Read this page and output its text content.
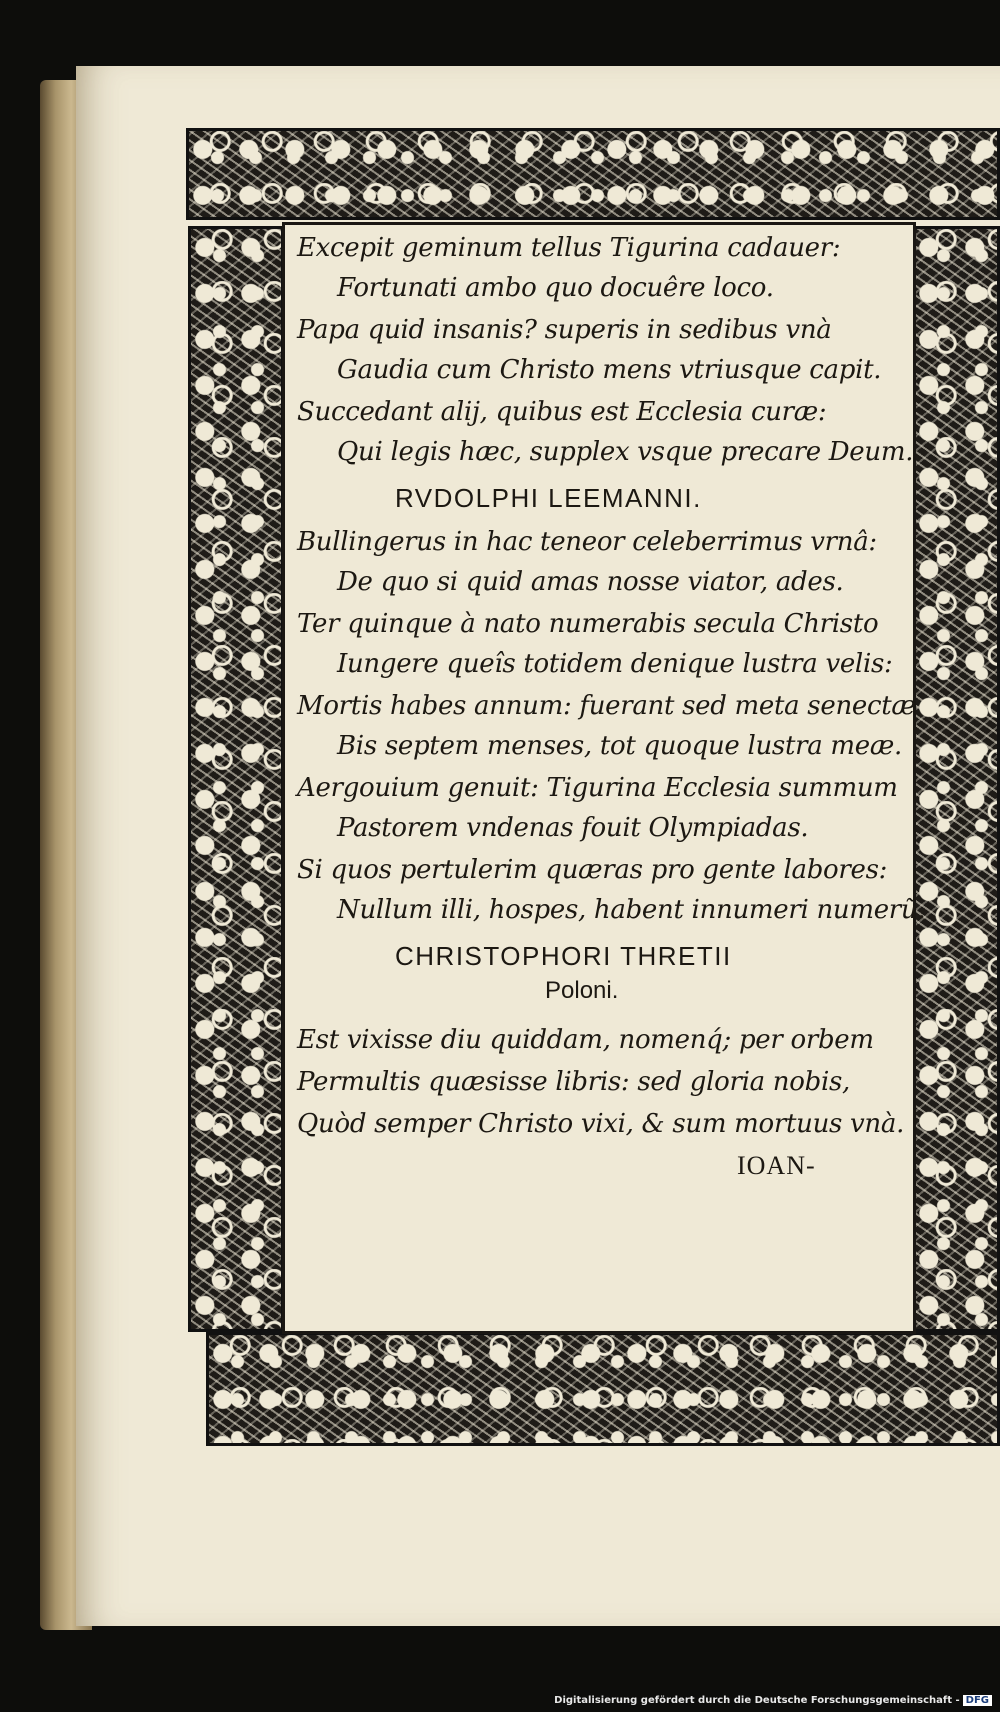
Excepit geminum tellus Tigurina cadauer:
Fortunati ambo quo docuêre loco.
Papa quid insanis? superis in sedibus vnà
Gaudia cum Christo mens vtriusque capit.
Succedant alij, quibus est Ecclesia curæ:
Qui legis hæc, supplex vsque precare Deum.
RVDOLPHI LEEMANNI.
Bullingerus in hac teneor celeberrimus vrnâ:
De quo si quid amas nosse viator, ades.
Ter quinque à nato numerabis secula Christo
Iungere queîs totidem denique lustra velis:
Mortis habes annum: fuerant sed meta senectæ
Bis septem menses, tot quoque lustra meæ.
Aergouium genuit: Tigurina Ecclesia summum
Pastorem vndenas fouit Olympiadas.
Si quos pertulerim quæras pro gente labores:
Nullum illi, hospes, habent innumeri numerũ.
CHRISTOPHORI THRETII
Poloni.
Est vixisse diu quiddam, nomenq́; per orbem
Permultis quæsisse libris: sed gloria nobis,
Quòd semper Christo vixi, & sum mortuus vnà.
IOAN-
Digitalisierung gefördert durch die Deutsche Forschungsgemeinschaft - DFG
